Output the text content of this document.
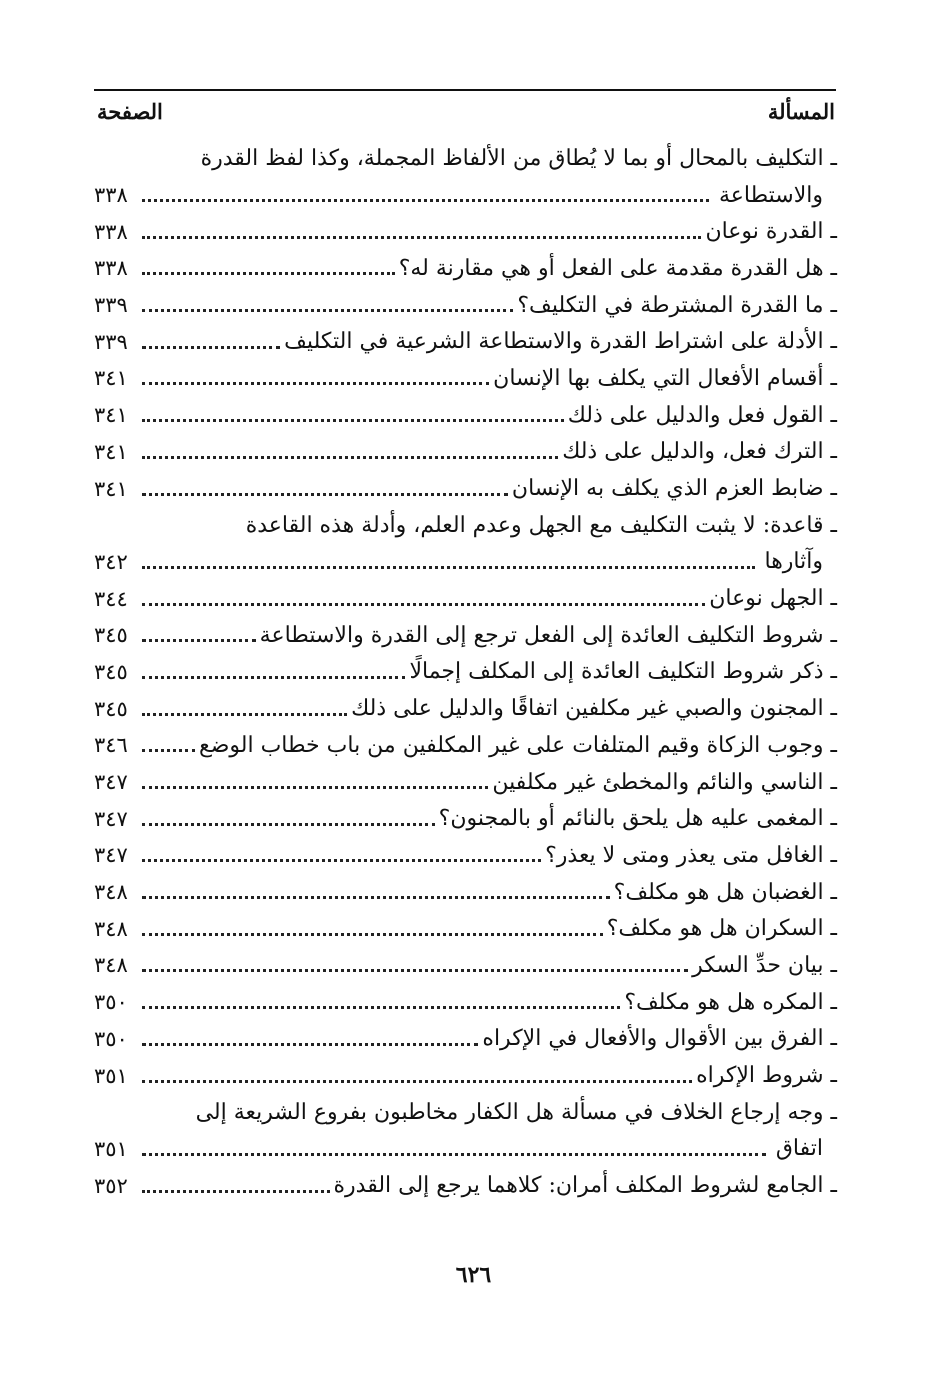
المسألة
الصفحة
ـ التكليف بالمحال أو بما لا يُطاق من الألفاظ المجملة، وكذا لفظ القدرة
والاستطاعة
٣٣٨
ـ القدرة نوعان
٣٣٨
ـ هل القدرة مقدمة على الفعل أو هي مقارنة له؟
٣٣٨
ـ ما القدرة المشترطة في التكليف؟
٣٣٩
ـ الأدلة على اشتراط القدرة والاستطاعة الشرعية في التكليف
٣٣٩
ـ أقسام الأفعال التي يكلف بها الإنسان
٣٤١
ـ القول فعل والدليل على ذلك
٣٤١
ـ الترك فعل، والدليل على ذلك
٣٤١
ـ ضابط العزم الذي يكلف به الإنسان
٣٤١
ـ قاعدة: لا يثبت التكليف مع الجهل وعدم العلم، وأدلة هذه القاعدة
وآثارها
٣٤٢
ـ الجهل نوعان
٣٤٤
ـ شروط التكليف العائدة إلى الفعل ترجع إلى القدرة والاستطاعة
٣٤٥
ـ ذكر شروط التكليف العائدة إلى المكلف إجمالًا
٣٤٥
ـ المجنون والصبي غير مكلفين اتفاقًا والدليل على ذلك
٣٤٥
ـ وجوب الزكاة وقيم المتلفات على غير المكلفين من باب خطاب الوضع
٣٤٦
ـ الناسي والنائم والمخطئ غير مكلفين
٣٤٧
ـ المغمى عليه هل يلحق بالنائم أو بالمجنون؟
٣٤٧
ـ الغافل متى يعذر ومتى لا يعذر؟
٣٤٧
ـ الغضبان هل هو مكلف؟
٣٤٨
ـ السكران هل هو مكلف؟
٣٤٨
ـ بيان حدِّ السكر
٣٤٨
ـ المكره هل هو مكلف؟
٣٥٠
ـ الفرق بين الأقوال والأفعال في الإكراه
٣٥٠
ـ شروط الإكراه
٣٥١
ـ وجه إرجاع الخلاف في مسألة هل الكفار مخاطبون بفروع الشريعة إلى
اتفاق
٣٥١
ـ الجامع لشروط المكلف أمران: كلاهما يرجع إلى القدرة
٣٥٢
٦٢٦
